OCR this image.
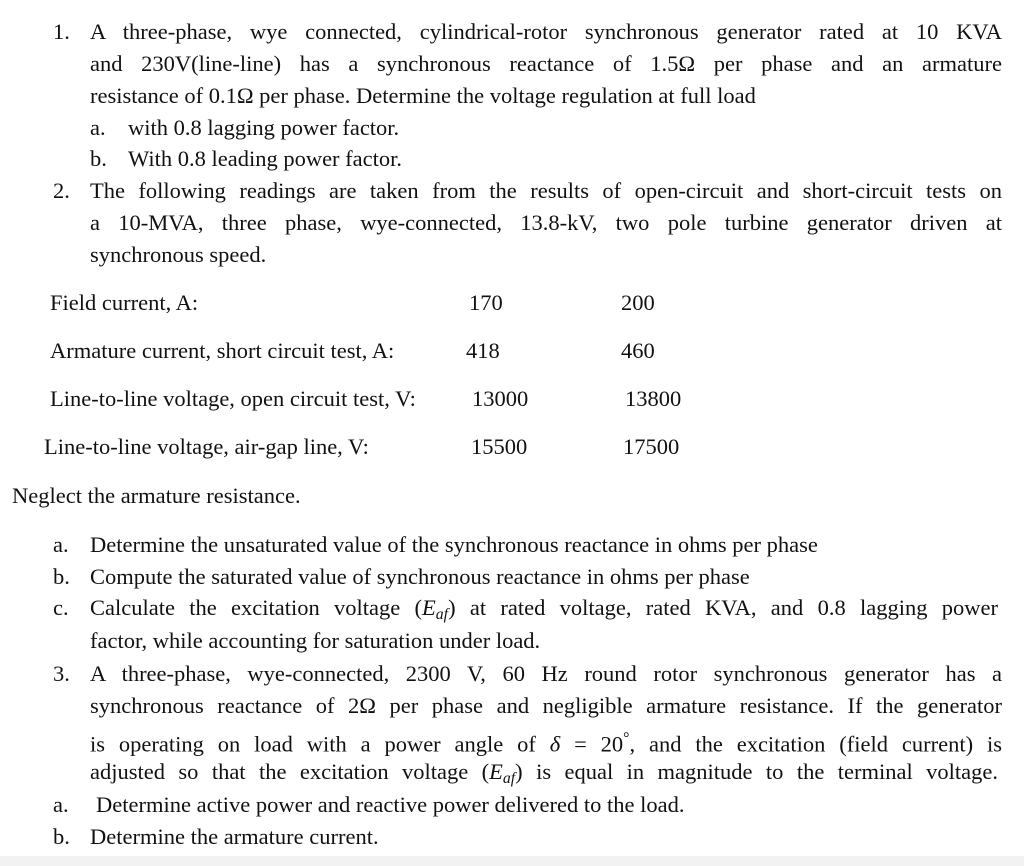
1. A three-phase, wye connected, cylindrical-rotor synchronous generator rated at 10 KVA
and 230V(line-line) has a synchronous reactance of 1.5Ω per phase and an armature
resistance of 0.1Ω per phase. Determine the voltage regulation at full load
a. with 0.8 lagging power factor.
b. With 0.8 leading power factor.
2. The following readings are taken from the results of open-circuit and short-circuit tests on
a 10-MVA, three phase, wye-connected, 13.8-kV, two pole turbine generator driven at
synchronous speed.
Field current, A:	170	200
Armature current, short circuit test, A:	418	460
Line-to-line voltage, open circuit test, V: 13000	13800
Line-to-line voltage, air-gap line, V:	15500	17500
Neglect the armature resistance.
a. Determine the unsaturated value of the synchronous reactance in ohms per phase
b. Compute the saturated value of synchronous reactance in ohms per phase
c. Calculate the excitation voltage $(E_{af})$ at rated voltage, rated KVA, and 0.8 lagging power
factor, while accounting for saturation under load.
3. A three-phase, wye-connected, 2300 V, 60 Hz round rotor synchronous generator has a
synchronous reactance of 2Ω per phase and negligible armature resistance. If the generator
is operating on load with a power angle of δ = 20°, and the excitation (field current) is
adjusted so that the excitation voltage $(E_{af})$ is equal in magnitude to the terminal voltage.
a. Determine active power and reactive power delivered to the load.
b. Determine the armature current.
